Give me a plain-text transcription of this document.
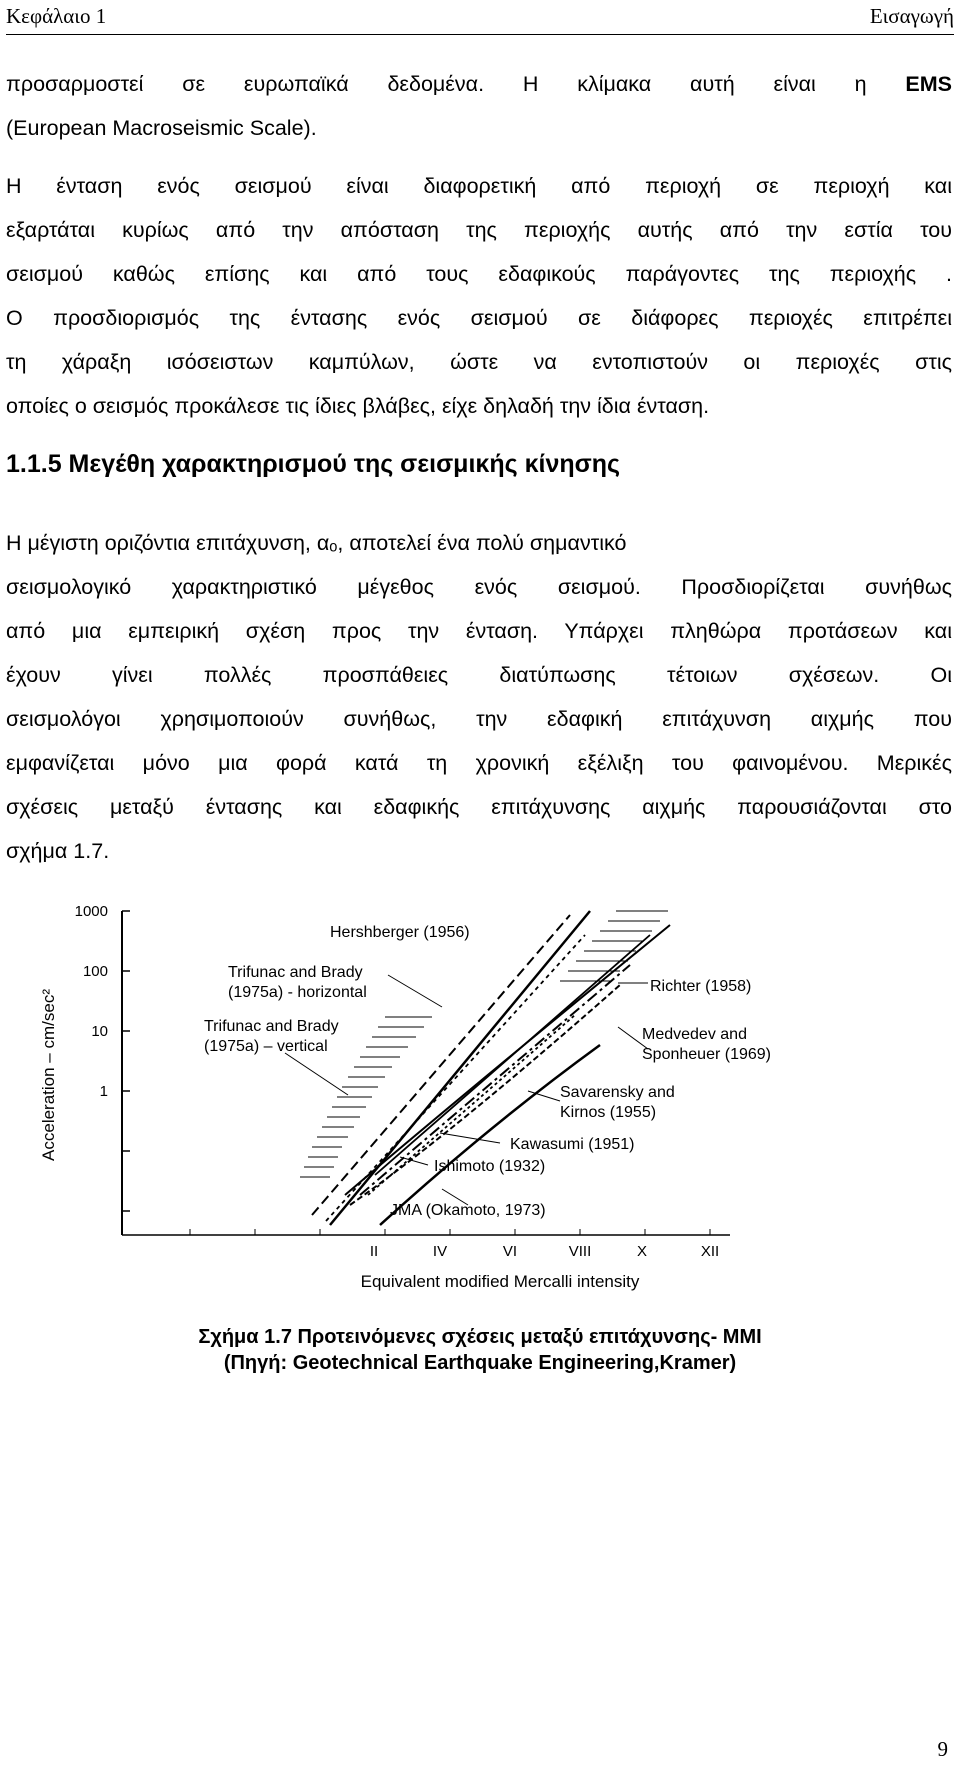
Κεφάλαιο 1	Εισαγωγή
προσαρμοστεί σε ευρωπαϊκά δεδομένα. Η κλίμακα αυτή είναι η EMS
(European Macroseismic Scale).
Η ένταση ενός σεισμού είναι διαφορετική από περιοχή σε περιοχή και
εξαρτάται κυρίως από την απόσταση της περιοχής αυτής από την εστία του
σεισμού καθώς επίσης και από τους εδαφικούς παράγοντες της περιοχής .
Ο προσδιορισμός της έντασης ενός σεισμού σε διάφορες περιοχές επιτρέπει
τη χάραξη ισόσειστων καμπύλων, ώστε να εντοπιστούν οι περιοχές στις
οποίες ο σεισμός προκάλεσε τις ίδιες βλάβες, είχε δηλαδή την ίδια ένταση.
1.1.5 Μεγέθη χαρακτηρισμού της σεισμικής κίνησης
Η μέγιστη οριζόντια επιτάχυνση, αₒ, αποτελεί ένα πολύ σημαντικό
σεισμολογικό χαρακτηριστικό μέγεθος ενός σεισμού. Προσδιορίζεται συνήθως
από μια εμπειρική σχέση προς την ένταση. Υπάρχει πληθώρα προτάσεων και
έχουν γίνει πολλές προσπάθειες διατύπωσης τέτοιων σχέσεων. Οι
σεισμολόγοι χρησιμοποιούν συνήθως, την εδαφική επιτάχυνση αιχμής που
εμφανίζεται μόνο μια φορά κατά τη χρονική εξέλιξη του φαινομένου. Μερικές
σχέσεις μεταξύ έντασης και εδαφικής επιτάχυνσης αιχμής παρουσιάζονται στο
σχήμα 1.7.
1000
100
10
1
Acceleration – cm/sec²
II	IV	VI	VIII	X	XII
Equivalent modified Mercalli intensity
Hershberger (1956)
Trifunac and Brady
(1975a) - horizontal
Trifunac and Brady
(1975a) – vertical
Richter (1958)
Medvedev and
Sponheuer (1969)
Savarensky and
Kirnos (1955)
Kawasumi (1951)
Ishimoto (1932)
JMA (Okamoto, 1973)
Σχήμα 1.7 Προτεινόμενες σχέσεις μεταξύ επιτάχυνσης- MMI
(Πηγή: Geotechnical Earthquake Engineering,Kramer)
9
